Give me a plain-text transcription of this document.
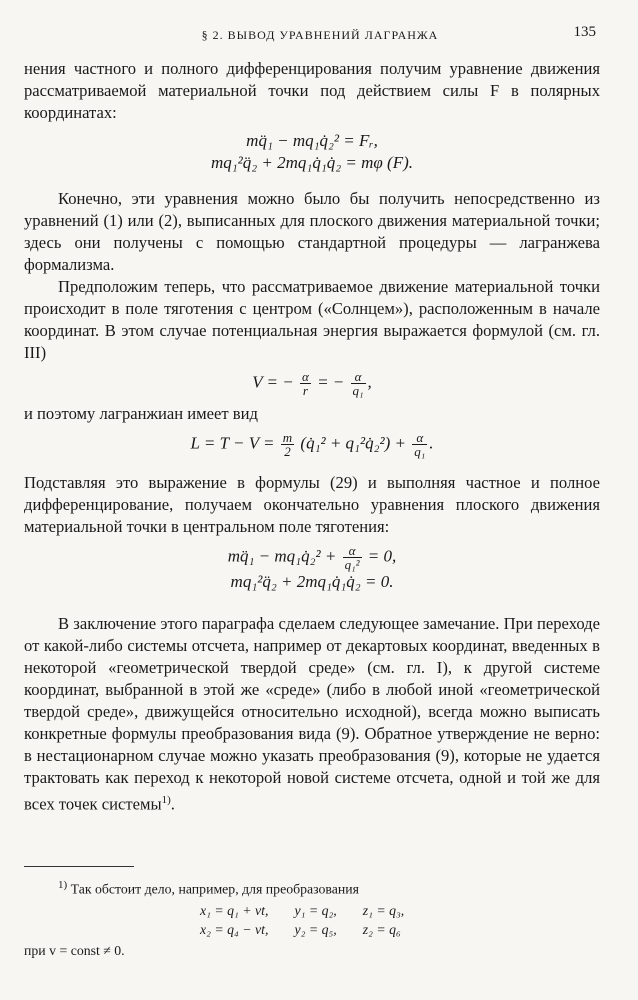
§ 2. ВЫВОД УРАВНЕНИЙ ЛАГРАНЖА	135

нения частного и полного дифференцирования получим уравнение движения рассматриваемой материальной точки под действием силы F в полярных координатах:

mq̈₁ − mq₁q̇₂² = Fᵣ,
mq₁²q̈₂ + 2mq₁q̇₁q̇₂ = mφ (F).

Конечно, эти уравнения можно было бы получить непосредственно из уравнений (1) или (2), выписанных для плоского движения материальной точки; здесь они получены с помощью стандартной процедуры — лагранжева формализма.

Предположим теперь, что рассматриваемое движение материальной точки происходит в поле тяготения с центром («Солнцем»), расположенным в начале координат. В этом случае потенциальная энергия выражается формулой (см. гл. III)

V = − $\frac{\alpha}{r}$ = − $\frac{\alpha}{\text{q₁}}$ ,

и поэтому лагранжиан имеет вид

$L = T - V = \frac{m}{2}$ (q̇₁² + q₁²q̇₂²) + $\frac{\alpha}{\text{q₁}}$ .

Подставляя это выражение в формулы (29) и выполняя частное и полное дифференцирование, получаем окончательно уравнения плоского движения материальной точки в центральном поле тяготения:

mq̈₁ − mq₁q̇₂² + $\frac{\alpha}{\text{q₁²}} = 0$,
mq₁²q̈₂ + 2mq₁q̇₁q̇₂ = 0.

В заключение этого параграфа сделаем следующее замечание. При переходе от какой-либо системы отсчета, например от декартовых координат, введенных в некоторой «геометрической твердой среде» (см. гл. I), к другой системе координат, выбранной в этой же «среде» (либо в любой иной «геометрической твердой среде», движущейся относительно исходной), всегда можно выписать конкретные формулы преобразования вида (9). Обратное утверждение не верно: в нестационарном случае можно указать преобразования (9), которые не удается трактовать как переход к некоторой новой системе отсчета, одной и той же для всех точек системы$^{1)}$.

$^{1)}$ Так обстоит дело, например, для преобразования
x₁ = q₁ + vt, y₁ = q₂, z₁ = q₃,
x₂ = q₄ − vt, y₂ = q₅, z₂ = q₆
при v = const ≠ 0.
